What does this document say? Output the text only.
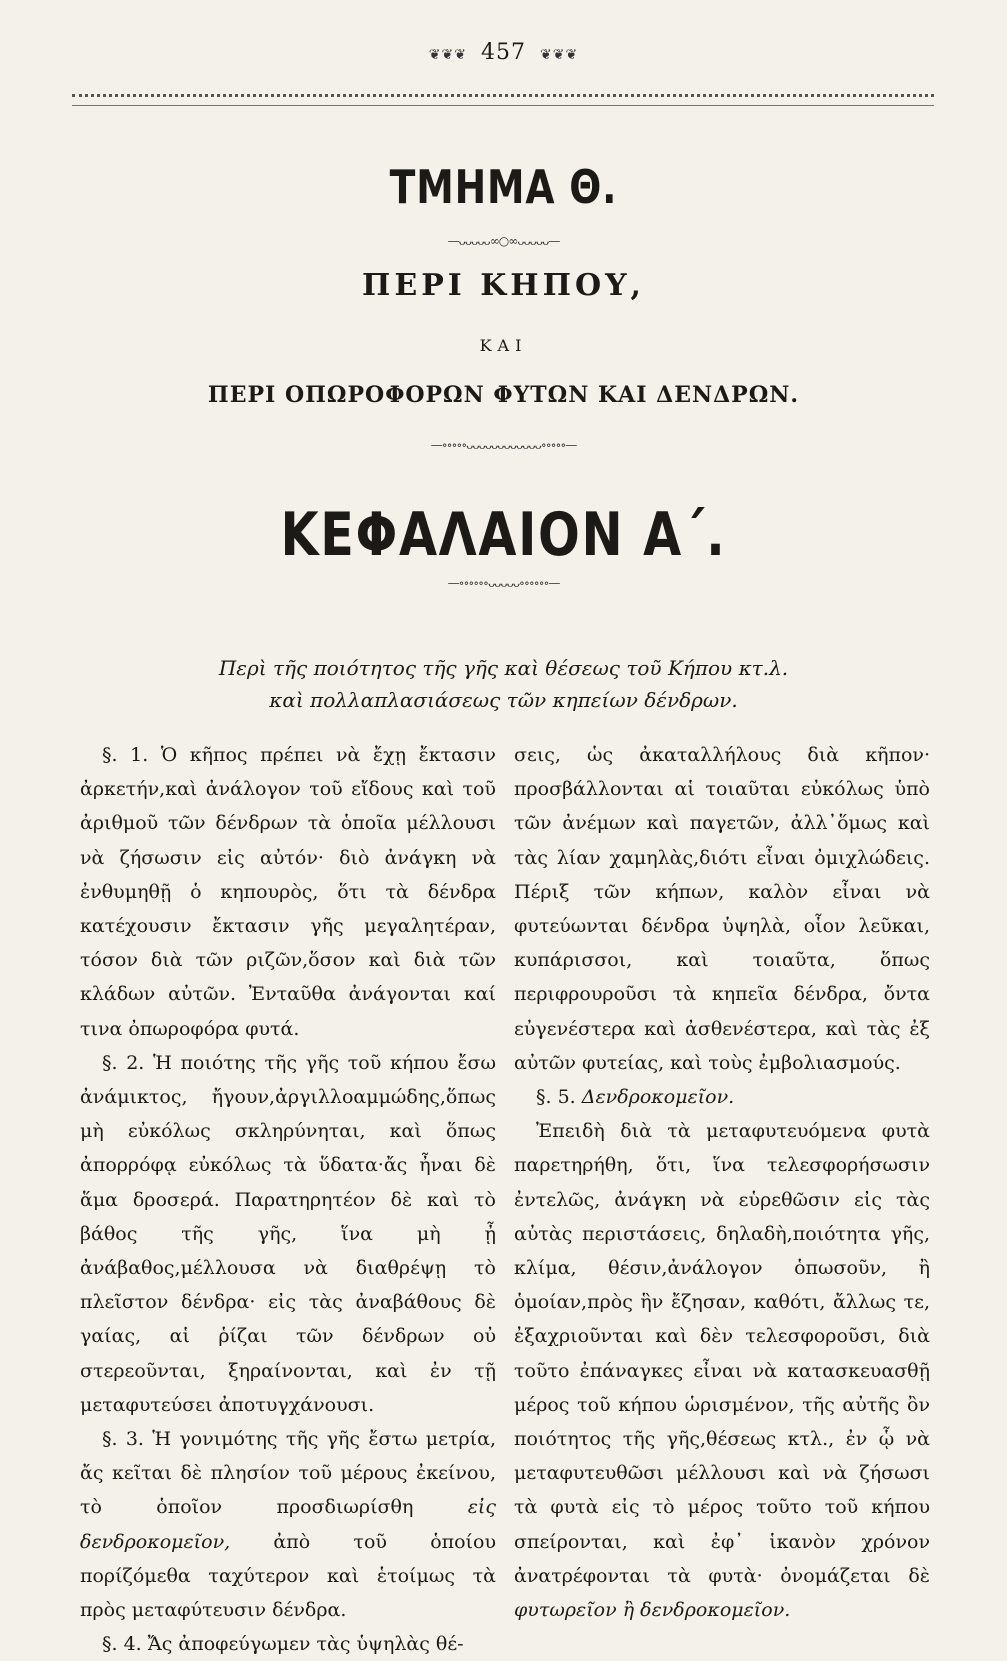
❦❦❦ 457 ❦❦❦
ΤΜΗΜΑ Θ.
—ᴗᴗᴗᴗᴗ∞○∞ᴗᴗᴗᴗᴗ—
ΠΕΡΙ ΚΗΠΟΥ,
ΚΑΙ
ΠΕΡΙ ΟΠΩΡΟΦΟΡΩΝ ΦΥΤΩΝ ΚΑΙ ΔΕΝΔΡΩΝ.
—∘∘∘∘∘ᴗᴗᴗᴗᴗᴗᴗᴗᴗᴗᴗᴗ∘∘∘∘∘—
ΚΕΦΑΛΑΙΟΝ Α΄.
—∘∘∘∘∘∘ᴗᴗᴗᴗᴗ∘∘∘∘∘∘—
Περὶ τῆς ποιότητος τῆς γῆς καὶ θέσεως τοῦ Κήπου κτ.λ.
καὶ πολλαπλασιάσεως τῶν κηπείων δένδρων.

§. 1. Ὁ κῆπος πρέπει νὰ ἔχῃ ἔκτασιν ἀρκετήν,καὶ ἀνάλογον τοῦ εἴδους καὶ τοῦ ἀριθμοῦ τῶν δένδρων τὰ ὁποῖα μέλλουσι νὰ ζήσωσιν εἰς αὐτόν· διὸ ἀνάγκη νὰ ἐνθυμηθῇ ὁ κηπουρὸς, ὅτι τὰ δένδρα κατέχουσιν ἔκτασιν γῆς μεγαλητέραν, τόσον διὰ τῶν ριζῶν,ὅσον καὶ διὰ τῶν κλάδων αὐτῶν. Ἐνταῦθα ἀνάγονται καί τινα ὀπωροφόρα φυτά.

§. 2. Ἡ ποιότης τῆς γῆς τοῦ κήπου ἔσω ἀνάμικτος, ἤγουν,ἀργιλλοαμμώδης,ὅπως μὴ εὐκόλως σκληρύνηται, καὶ ὅπως ἀπορρόφᾳ εὐκόλως τὰ ὕδατα·ἄς ἦναι δὲ ἅμα δροσερά. Παρατηρητέον δὲ καὶ τὸ βάθος τῆς γῆς, ἵνα μὴ ᾖ ἀνάβαθος,μέλλουσα νὰ διαθρέψῃ τὸ πλεῖστον δένδρα· εἰς τὰς ἀναβάθους δὲ γαίας, αἱ ῥίζαι τῶν δένδρων οὐ στερεοῦνται, ξηραίνονται, καὶ ἐν τῇ μεταφυτεύσει ἀποτυγχάνουσι.

§. 3. Ἡ γονιμότης τῆς γῆς ἔστω μετρία, ἄς κεῖται δὲ πλησίον τοῦ μέρους ἐκείνου, τὸ ὁποῖον προσδιωρίσθη	εἰς δενδροκομεῖον, ἀπὸ τοῦ ὁποίου πορίζόμεθα ταχύτερον καὶ ἑτοίμως τὰ πρὸς μεταφύτευσιν δένδρα.

§. 4. Ἄς ἀποφεύγωμεν τὰς ὑψηλὰς θέ-

σεις, ὡς ἀκαταλλήλους διὰ κῆπον· προσβάλλονται αἱ τοιαῦται εὐκόλως ὑπὸ τῶν ἀνέμων καὶ παγετῶν, ἀλλ᾽ὅμως καὶ τὰς λίαν χαμηλὰς,διότι εἶναι ὀμιχλώδεις. Πέριξ τῶν κήπων, καλὸν εἶναι νὰ φυτεύωνται δένδρα ὑψηλὰ, οἷον λεῦκαι, κυπάρισσοι, καὶ τοιαῦτα, ὅπως περιφρουροῦσι τὰ κηπεῖα δένδρα, ὄντα εὐγενέστερα καὶ ἀσθενέστερα, καὶ τὰς ἐξ αὐτῶν φυτείας, καὶ τοὺς ἐμβολιασμούς.

§. 5. Δενδροκομεῖον.

Ἐπειδὴ διὰ τὰ μεταφυτευόμενα φυτὰ παρετηρήθη, ὅτι, ἵνα τελεσφορήσωσιν ἐντελῶς, ἀνάγκη νὰ εὑρεθῶσιν εἰς τὰς αὐτὰς περιστάσεις, δηλαδὴ,ποιότητα γῆς, κλίμα, θέσιν,ἀνάλογον ὁπωσοῦν, ἢ ὁμοίαν,πρὸς ἣν ἔζησαν, καθότι, ἄλλως τε, ἐξαχριοῦνται καὶ δὲν τελεσφοροῦσι, διὰ τοῦτο ἐπάναγκες εἶναι νὰ κατασκευασθῇ μέρος τοῦ κήπου ὡρισμένον, τῆς αὐτῆς ὂν ποιότητος τῆς γῆς,θέσεως κτλ., ἐν ᾧ νὰ μεταφυτευθῶσι μέλλουσι καὶ νὰ ζήσωσι τὰ φυτὰ εἰς τὸ μέρος τοῦτο τοῦ κήπου σπείρονται, καὶ ἐφ᾽ ἱκανὸν χρόνον ἀνατρέφονται τὰ φυτὰ· ὀνομάζεται δὲ φυτωρεῖον ἢ δενδροκομεῖον.
